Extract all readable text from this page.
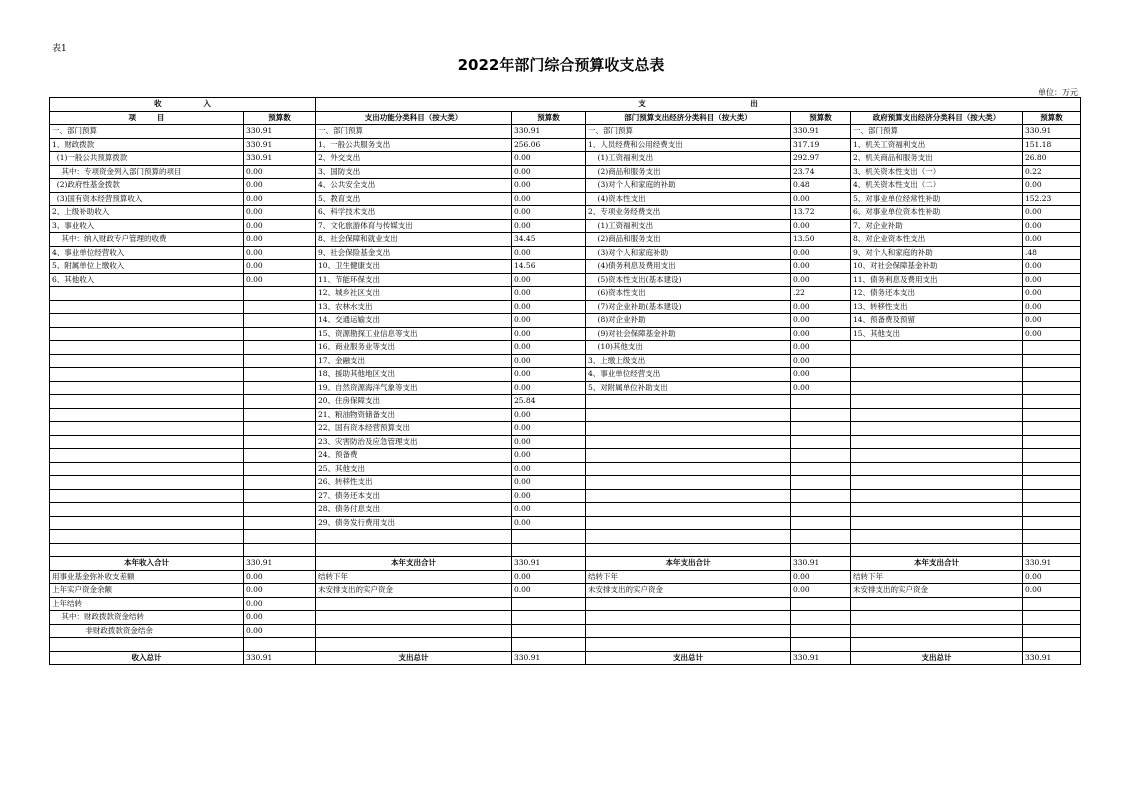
表1
2022年部门综合预算收支总表
单位：万元
收                入		支                                        出					
项        目	预算数	支出功能分类科目（按大类）	预算数	部门预算支出经济分类科目（按大类）	预算数	政府预算支出经济分类科目（按大类）	预算数
一、部门预算	330.91	一、部门预算	330.91	一、部门预算	330.91	一、部门预算	330.91
1、财政拨款	330.91	1、一般公共服务支出	256.06	1、人员经费和公用经费支出	317.19	1、机关工资福利支出	151.18
(1)一般公共预算拨款	330.91	2、外交支出	0.00	(1)工资福利支出	292.97	2、机关商品和服务支出	26.80
其中：专项资金列入部门预算的项目	0.00	3、国防支出	0.00	(2)商品和服务支出	23.74	3、机关资本性支出（一）	0.22
(2)政府性基金拨款	0.00	4、公共安全支出	0.00	(3)对个人和家庭的补助	0.48	4、机关资本性支出（二）	0.00
(3)国有资本经营预算收入	0.00	5、教育支出	0.00	(4)资本性支出	0.00	5、对事业单位经常性补助	152.23
2、上级补助收入	0.00	6、科学技术支出	0.00	2、专项业务经费支出	13.72	6、对事业单位资本性补助	0.00
3、事业收入	0.00	7、文化旅游体育与传媒支出	0.00	(1)工资福利支出	0.00	7、对企业补助	0.00
其中：纳入财政专户管理的收费	0.00	8、社会保障和就业支出	34.45	(2)商品和服务支出	13.50	8、对企业资本性支出	0.00
4、事业单位经营收入	0.00	9、社会保险基金支出	0.00	(3)对个人和家庭补助	0.00	9、对个人和家庭的补助	.48
5、附属单位上缴收入	0.00	10、卫生健康支出	14.56	(4)债务利息及费用支出	0.00	10、对社会保障基金补助	0.00
6、其他收入	0.00	11、节能环保支出	0.00	(5)资本性支出(基本建设)	0.00	11、债务利息及费用支出	0.00
		12、城乡社区支出	0.00	(6)资本性支出	.22	12、债务还本支出	0.00
		13、农林水支出	0.00	(7)对企业补助(基本建设)	0.00	13、转移性支出	0.00
		14、交通运输支出	0.00	(8)对企业补助	0.00	14、预备费及预留	0.00
		15、资源勘探工业信息等支出	0.00	(9)对社会保障基金补助	0.00	15、其他支出	0.00
		16、商业服务业等支出	0.00	(10)其他支出	0.00		
		17、金融支出	0.00	3、上缴上级支出	0.00		
		18、援助其他地区支出	0.00	4、事业单位经营支出	0.00		
		19、自然资源海洋气象等支出	0.00	5、对附属单位补助支出	0.00		
		20、住房保障支出	25.84				
		21、粮油物资储备支出	0.00				
		22、国有资本经营预算支出	0.00				
		23、灾害防治及应急管理支出	0.00				
		24、预备费	0.00				
		25、其他支出	0.00				
		26、转移性支出	0.00				
		27、债务还本支出	0.00				
		28、债务付息支出	0.00				
		29、债务发行费用支出	0.00				

本年收入合计	330.91	本年支出合计	330.91	本年支出合计	330.91	本年支出合计	330.91
用事业基金弥补收支差额	0.00	结转下年	0.00	结转下年	0.00	结转下年	0.00
上年实户资金余额	0.00	未安排支出的实户资金	0.00	未安排支出的实户资金	0.00	未安排支出的实户资金	0.00
上年结转	0.00						
其中：财政拨款资金结转	0.00						
非财政拨款资金结余	0.00						

收入总计	330.91	支出总计	330.91	支出总计	330.91	支出总计	330.91
